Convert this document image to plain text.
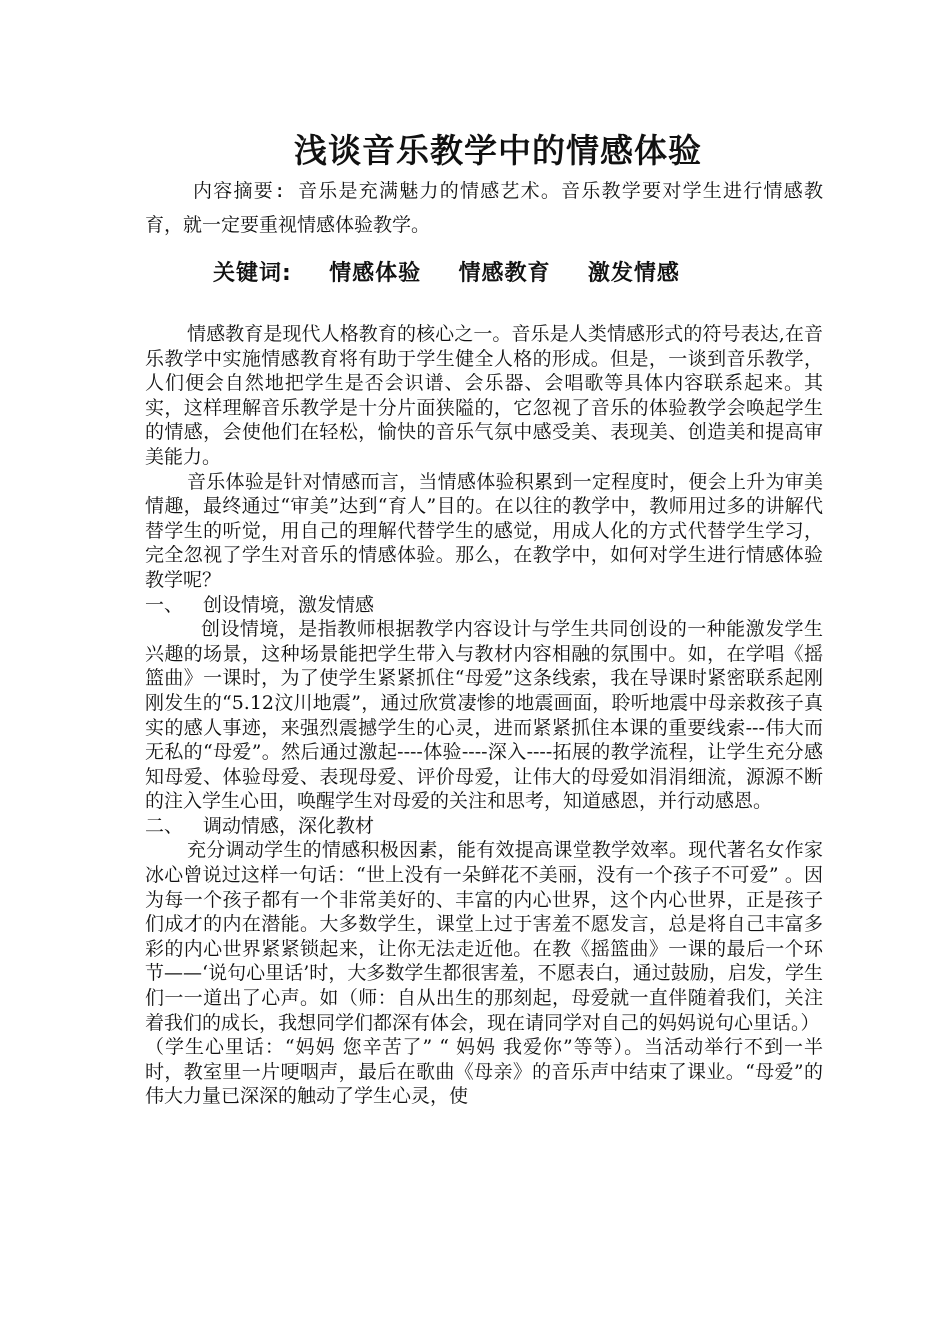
浅谈音乐教学中的情感体验

内容摘要: 音乐是充满魅力的情感艺术。音乐教学要对学生进行情感教育，就一定要重视情感体验教学。

关键词: 情感体验 情感教育 激发情感

情感教育是现代人格教育的核心之一。音乐是人类情感形式的符号表达,在音乐教学中实施情感教育将有助于学生健全人格的形成。但是，一谈到音乐教学，人们便会自然地把学生是否会识谱、会乐器、会唱歌等具体内容联系起来。其实，这样理解音乐教学是十分片面狭隘的，它忽视了音乐的体验教学会唤起学生的情感，会使他们在轻松，愉快的音乐气氛中感受美、表现美、创造美和提高审美能力。

音乐体验是针对情感而言，当情感体验积累到一定程度时，便会上升为审美情趣，最终通过“审美”达到“育人”目的。在以往的教学中，教师用过多的讲解代替学生的听觉，用自己的理解代替学生的感觉，用成人化的方式代替学生学习，完全忽视了学生对音乐的情感体验。那么，在教学中，如何对学生进行情感体验教学呢？

一、 创设情境，激发情感

创设情境，是指教师根据教学内容设计与学生共同创设的一种能激发学生兴趣的场景，这种场景能把学生带入与教材内容相融的氛围中。如，在学唱《摇篮曲》一课时，为了使学生紧紧抓住“母爱”这条线索，我在导课时紧密联系起刚刚发生的“5.12汶川地震”，通过欣赏凄惨的地震画面，聆听地震中母亲救孩子真实的感人事迹，来强烈震撼学生的心灵，进而紧紧抓住本课的重要线索---伟大而无私的“母爱”。然后通过激起----体验----深入----拓展的教学流程，让学生充分感知母爱、体验母爱、表现母爱、评价母爱，让伟大的母爱如涓涓细流，源源不断的注入学生心田，唤醒学生对母爱的关注和思考，知道感恩，并行动感恩。

二、 调动情感，深化教材

充分调动学生的情感积极因素，能有效提高课堂教学效率。现代著名女作家冰心曾说过这样一句话：“世上没有一朵鲜花不美丽，没有一个孩子不可爱” 。因为每一个孩子都有一个非常美好的、丰富的内心世界，这个内心世界，正是孩子们成才的内在潜能。大多数学生，课堂上过于害羞不愿发言，总是将自己丰富多彩的内心世界紧紧锁起来，让你无法走近他。在教《摇篮曲》一课的最后一个环节——‘说句心里话’时，大多数学生都很害羞，不愿表白，通过鼓励，启发，学生们一一道出了心声。如（师：自从出生的那刻起，母爱就一直伴随着我们，关注着我们的成长，我想同学们都深有体会，现在请同学对自己的妈妈说句心里话。）

（学生心里话：“妈妈 您辛苦了” “ 妈妈 我爱你”等等）。当活动举行不到一半时，教室里一片哽咽声，最后在歌曲《母亲》的音乐声中结束了课业。“母爱”的伟大力量已深深的触动了学生心灵，使
